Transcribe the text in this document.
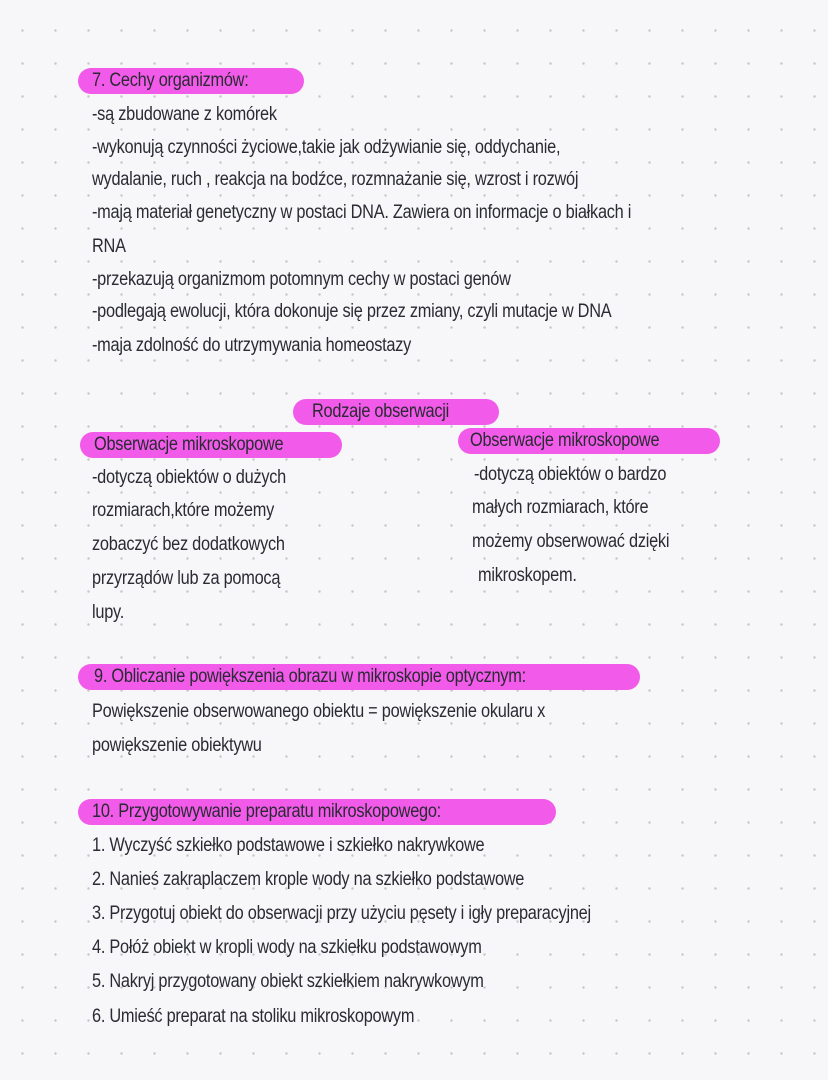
7. Cechy organizmów:

-są zbudowane z komórek

-wykonują czynności życiowe,takie jak odżywianie się, oddychanie,

wydalanie, ruch , reakcja na bodźce, rozmnażanie się, wzrost i rozwój

-mają materiał genetyczny w postaci DNA. Zawiera on informacje o białkach i

RNA

-przekazują organizmom potomnym cechy w postaci genów

-podlegają ewolucji, która dokonuje się przez zmiany, czyli mutacje w DNA

-maja zdolność do utrzymywania homeostazy

Rodzaje obserwacji

Obserwacje mikroskopowe	Obserwacje mikroskopowe

-dotyczą obiektów o dużych

rozmiarach,które możemy

zobaczyć bez dodatkowych

przyrządów lub za pomocą

lupy.

-dotyczą obiektów o bardzo

małych rozmiarach, które

możemy obserwować dzięki

mikroskopem.

9. Obliczanie powiększenia obrazu w mikroskopie optycznym:

Powiększenie obserwowanego obiektu = powiększenie okularu x

powiększenie obiektywu

10. Przygotowywanie preparatu mikroskopowego:

1. Wyczyść szkiełko podstawowe i szkiełko nakrywkowe

2. Nanieś zakraplaczem krople wody na szkiełko podstawowe

3. Przygotuj obiekt do obserwacji przy użyciu pęsety i igły preparacyjnej

4. Połóż obiekt w kropli wody na szkiełku podstawowym

5. Nakryj przygotowany obiekt szkiełkiem nakrywkowym

6. Umieść preparat na stoliku mikroskopowym
